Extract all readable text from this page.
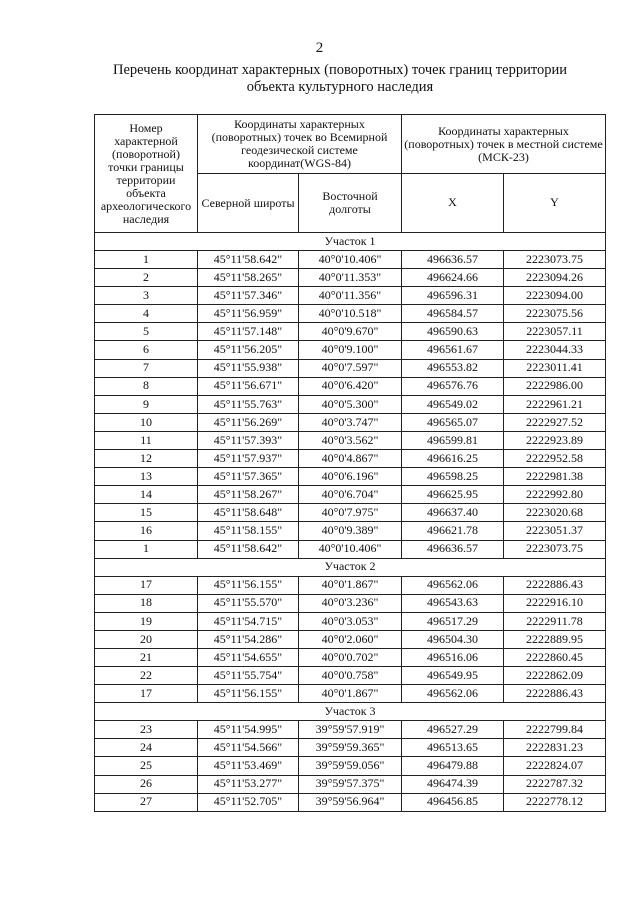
2
Перечень координат характерных (поворотных) точек границ территории объекта культурного наследия
Номер характерной (поворотной) точки границы территории объекта археологического наследия	Координаты характерных (поворотных) точек во Всемирной геодезической системе координат(WGS-84)		Координаты характерных (поворотных) точек в местной системе (МСК-23)	
	Северной широты	Восточной долготы	X	Y
Участок 1				
1	45°11'58.642"	40°0'10.406"	496636.57	2223073.75
2	45°11'58.265"	40°0'11.353"	496624.66	2223094.26
3	45°11'57.346"	40°0'11.356"	496596.31	2223094.00
4	45°11'56.959"	40°0'10.518"	496584.57	2223075.56
5	45°11'57.148"	40°0'9.670"	496590.63	2223057.11
6	45°11'56.205"	40°0'9.100"	496561.67	2223044.33
7	45°11'55.938"	40°0'7.597"	496553.82	2223011.41
8	45°11'56.671"	40°0'6.420"	496576.76	2222986.00
9	45°11'55.763"	40°0'5.300"	496549.02	2222961.21
10	45°11'56.269"	40°0'3.747"	496565.07	2222927.52
11	45°11'57.393"	40°0'3.562"	496599.81	2222923.89
12	45°11'57.937"	40°0'4.867"	496616.25	2222952.58
13	45°11'57.365"	40°0'6.196"	496598.25	2222981.38
14	45°11'58.267"	40°0'6.704"	496625.95	2222992.80
15	45°11'58.648"	40°0'7.975"	496637.40	2223020.68
16	45°11'58.155"	40°0'9.389"	496621.78	2223051.37
1	45°11'58.642"	40°0'10.406"	496636.57	2223073.75
Участок 2				
17	45°11'56.155"	40°0'1.867"	496562.06	2222886.43
18	45°11'55.570"	40°0'3.236"	496543.63	2222916.10
19	45°11'54.715"	40°0'3.053"	496517.29	2222911.78
20	45°11'54.286"	40°0'2.060"	496504.30	2222889.95
21	45°11'54.655"	40°0'0.702"	496516.06	2222860.45
22	45°11'55.754"	40°0'0.758"	496549.95	2222862.09
17	45°11'56.155"	40°0'1.867"	496562.06	2222886.43
Участок 3				
23	45°11'54.995"	39°59'57.919"	496527.29	2222799.84
24	45°11'54.566"	39°59'59.365"	496513.65	2222831.23
25	45°11'53.469"	39°59'59.056"	496479.88	2222824.07
26	45°11'53.277"	39°59'57.375"	496474.39	2222787.32
27	45°11'52.705"	39°59'56.964"	496456.85	2222778.12
